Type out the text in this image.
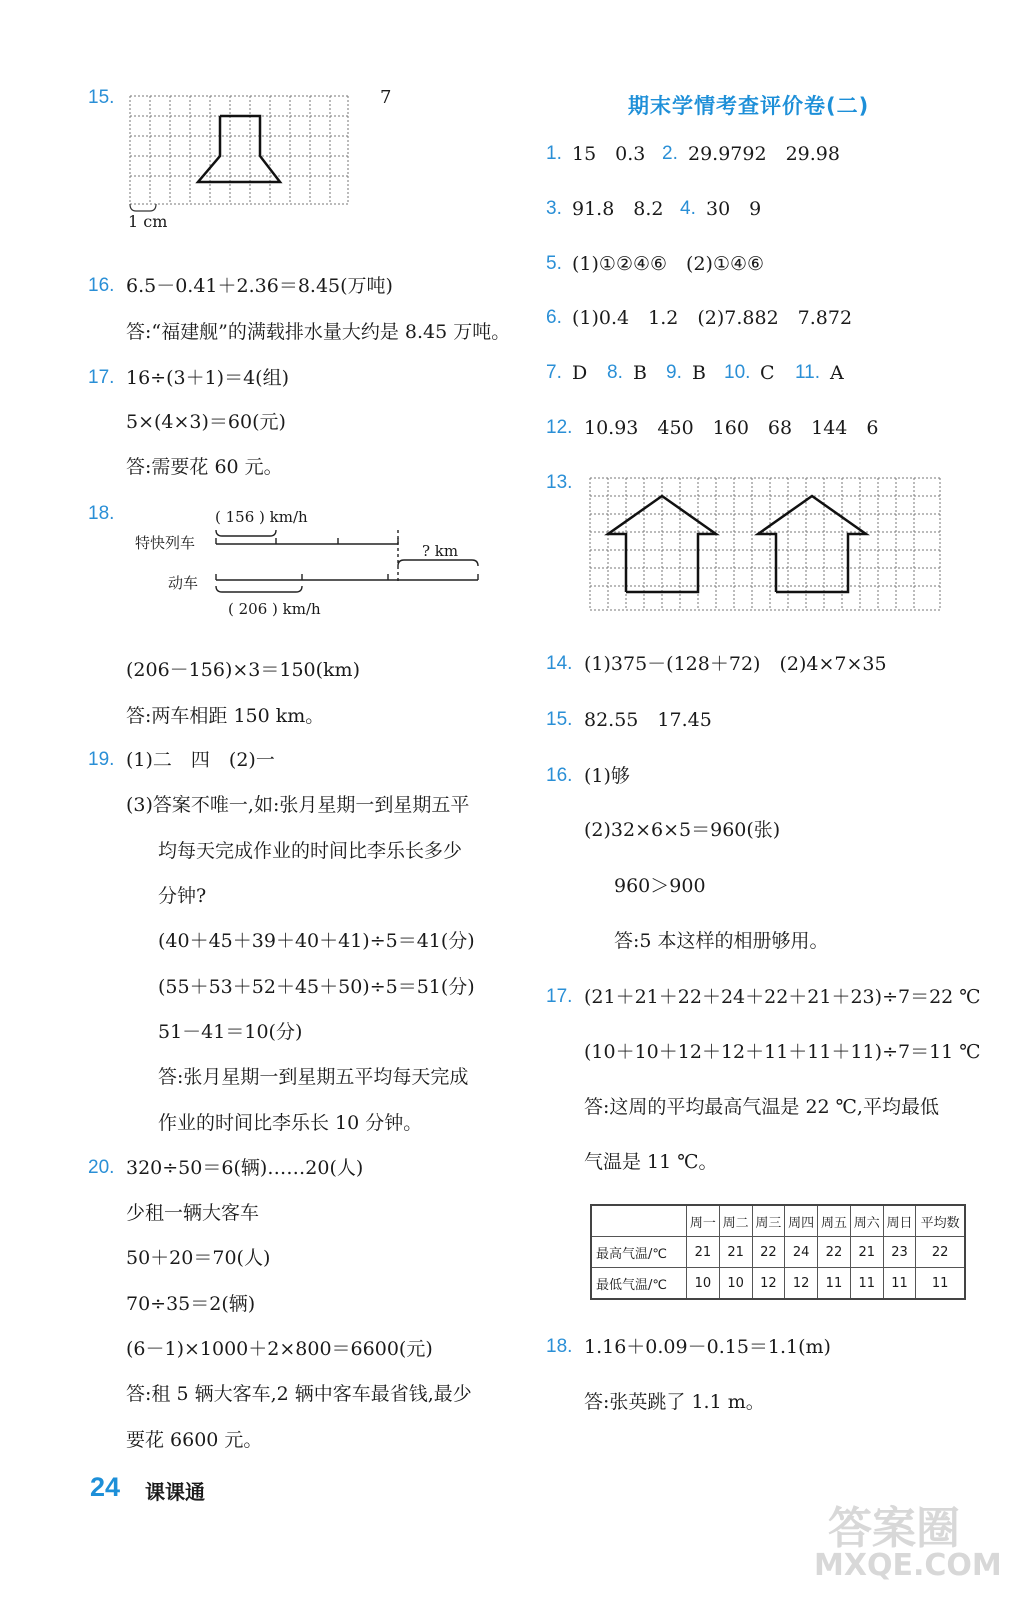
15.	7
1 cm
16. 6.5－0.41＋2.36＝8.45(万吨)
答:“福建舰”的满载排水量大约是 8.45 万吨。
17. 16÷(3＋1)＝4(组)
5×(4×3)＝60(元)
答:需要花 60 元。
18.	( 156 ) km/h
特快列车	? km
动车
( 206 ) km/h
(206－156)×3＝150(km)
答:两车相距 150 km。
19. (1)二　四　(2)一
(3)答案不唯一,如:张月星期一到星期五平
均每天完成作业的时间比李乐长多少
分钟?
(40＋45＋39＋40＋41)÷5＝41(分)
(55＋53＋52＋45＋50)÷5＝51(分)
51－41＝10(分)
答:张月星期一到星期五平均每天完成
作业的时间比李乐长 10 分钟。
20. 320÷50＝6(辆)……20(人)
少租一辆大客车
50＋20＝70(人)
70÷35＝2(辆)
(6－1)×1000＋2×800＝6600(元)
答:租 5 辆大客车,2 辆中客车最省钱,最少
要花 6600 元。
期末学情考查评价卷(二)
1. 15　0.3 2. 29.9792　29.98
3. 91.8　8.2 4. 30　9
5. (1)①②④⑥　(2)①④⑥
6. (1)0.4　1.2　(2)7.882　7.872
7. D 8. B 9. B 10. C 11. A
12. 10.93　450　160　68　144　6
13.
14. (1)375－(128＋72)　(2)4×7×35
15. 82.55　17.45
16. (1)够
(2)32×6×5＝960(张)
960＞900
答:5 本这样的相册够用。
17. (21＋21＋22＋24＋22＋21＋23)÷7＝22 ℃
(10＋10＋12＋12＋11＋11＋11)÷7＝11 ℃
答:这周的平均最高气温是 22 ℃,平均最低
气温是 11 ℃。
	周一	周二	周三	周四	周五	周六	周日	平均数
最高气温/℃	21	21	22	24	22	21	23	22
最低气温/℃	10	10	12	12	11	11	11	11
18. 1.16＋0.09－0.15＝1.1(m)
答:张英跳了 1.1 m。
24 课课通
答案圈
MXQE.COM
